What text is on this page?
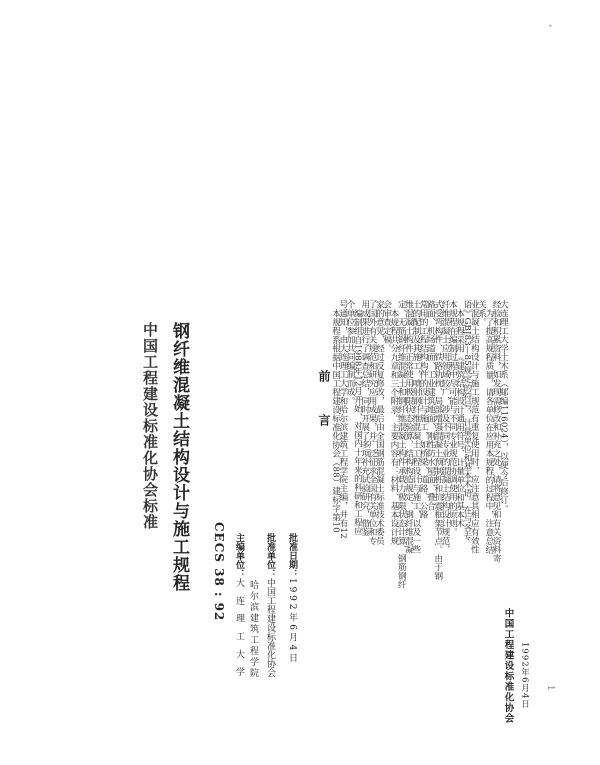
•
中国工程建设标准化协会标准 钢纤维混凝土结构设计与施工规程 CECS 38 : 92 主编单位：大 连 理 工 大 学 哈尔滨建筑工程学院
批准单位：中国工程建设标准化协会
批准日期：1 9 9 2 年 6 月 4 日
前　言 本规程系根据中国工程建设标准化协会（88）建标字第10
号通知，由大连理工大学和哈尔滨建筑工程学院主编，并有12
个单位参加共同编制而成。
编制组自1988年12月开始，对国内十年来的科研和工程应
用成果进行了调查总结，同时开展了多项补充试验研究，借鉴
了国外有关规范和研究应用成果，并广泛征求全国有关单位和专
家的意见，经过反复修改，最后由全国钢筋混凝土标准技术委员
会审查定稿。
本规程共分九章和三个附录。主要内容有：材料、基本设计规
定、无筋钢纤维混凝土和钢纤维混凝土构件承载力极限状态计算、钢筋钢纤
维混凝土构件正常使用极限状态验算、结构构造规定、钢纤维混凝
土的配制及其施工，喷射钢纤维混凝土工程设计与施工，以及一些
常用的工程结构构件的设计与施工，如桥梁、道路、公路
路面、机场道面、工业建筑地面、刚性防水屋面、叠合
式受弯构件、铁路轨枕、局部增强混凝土预制桩和抗震框架节点。由于钢
纤维混凝土应用领域较广，涉及不同专业的混凝土结构设计规范，
本规程在编制过程中尽可能与不同专业规范协调使用的原则。
本规程采用《建筑结构设计通用符号、计量单位和基本术
语》GBJ83—85规定的符号，计量单位和基本术语。在与各专
业混凝土结构设计与施工规范有重复使用时，应注意其相应有效性
关系。
为了提高规程质量，请各单位在应用本规程的过程中，注意总结
经验和积累资料，如发现需修改和补充之处，请将意见和有关资料寄
大连理工大学土木系（邮编116024），以便今后修订。
中国工程建设标准化协会 1992年6月4日 1
